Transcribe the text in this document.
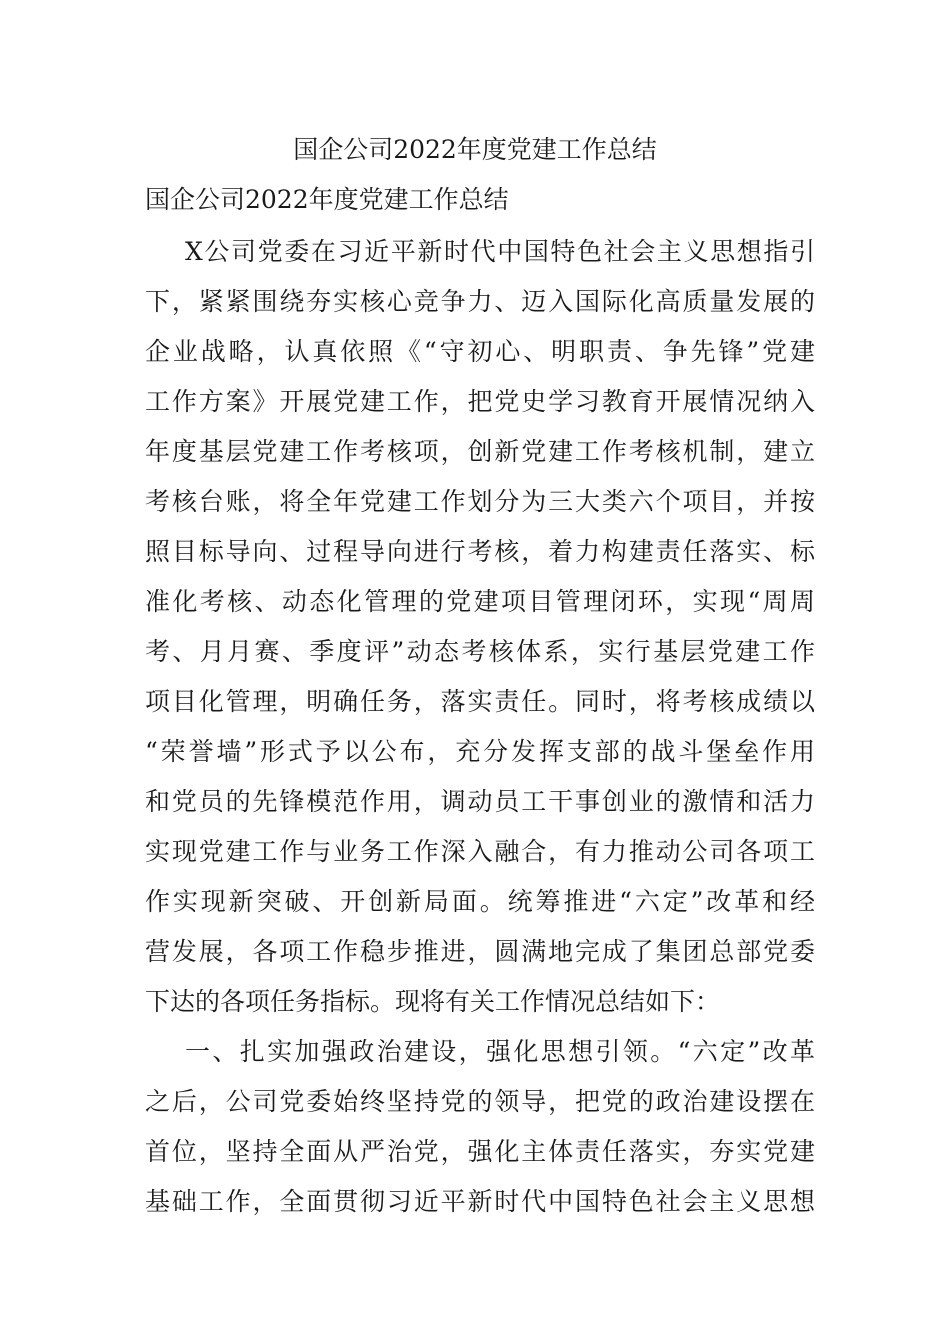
国企公司2022年度党建工作总结
国企公司2022年度党建工作总结
X公司党委在习近平新时代中国特色社会主义思想指引
下，紧紧围绕夯实核心竞争力、迈入国际化高质量发展的
企业战略，认真依照《“守初心、明职责、争先锋”党建
工作方案》开展党建工作，把党史学习教育开展情况纳入
年度基层党建工作考核项，创新党建工作考核机制，建立
考核台账，将全年党建工作划分为三大类六个项目，并按
照目标导向、过程导向进行考核，着力构建责任落实、标
准化考核、动态化管理的党建项目管理闭环，实现“周周
考、月月赛、季度评”动态考核体系，实行基层党建工作
项目化管理，明确任务，落实责任。同时，将考核成绩以
“荣誉墙”形式予以公布，充分发挥支部的战斗堡垒作用
和党员的先锋模范作用，调动员工干事创业的激情和活力
实现党建工作与业务工作深入融合，有力推动公司各项工
作实现新突破、开创新局面。统筹推进“六定”改革和经
营发展，各项工作稳步推进，圆满地完成了集团总部党委
下达的各项任务指标。现将有关工作情况总结如下：
一、扎实加强政治建设，强化思想引领。“六定”改革
之后，公司党委始终坚持党的领导，把党的政治建设摆在
首位，坚持全面从严治党，强化主体责任落实，夯实党建
基础工作，全面贯彻习近平新时代中国特色社会主义思想
